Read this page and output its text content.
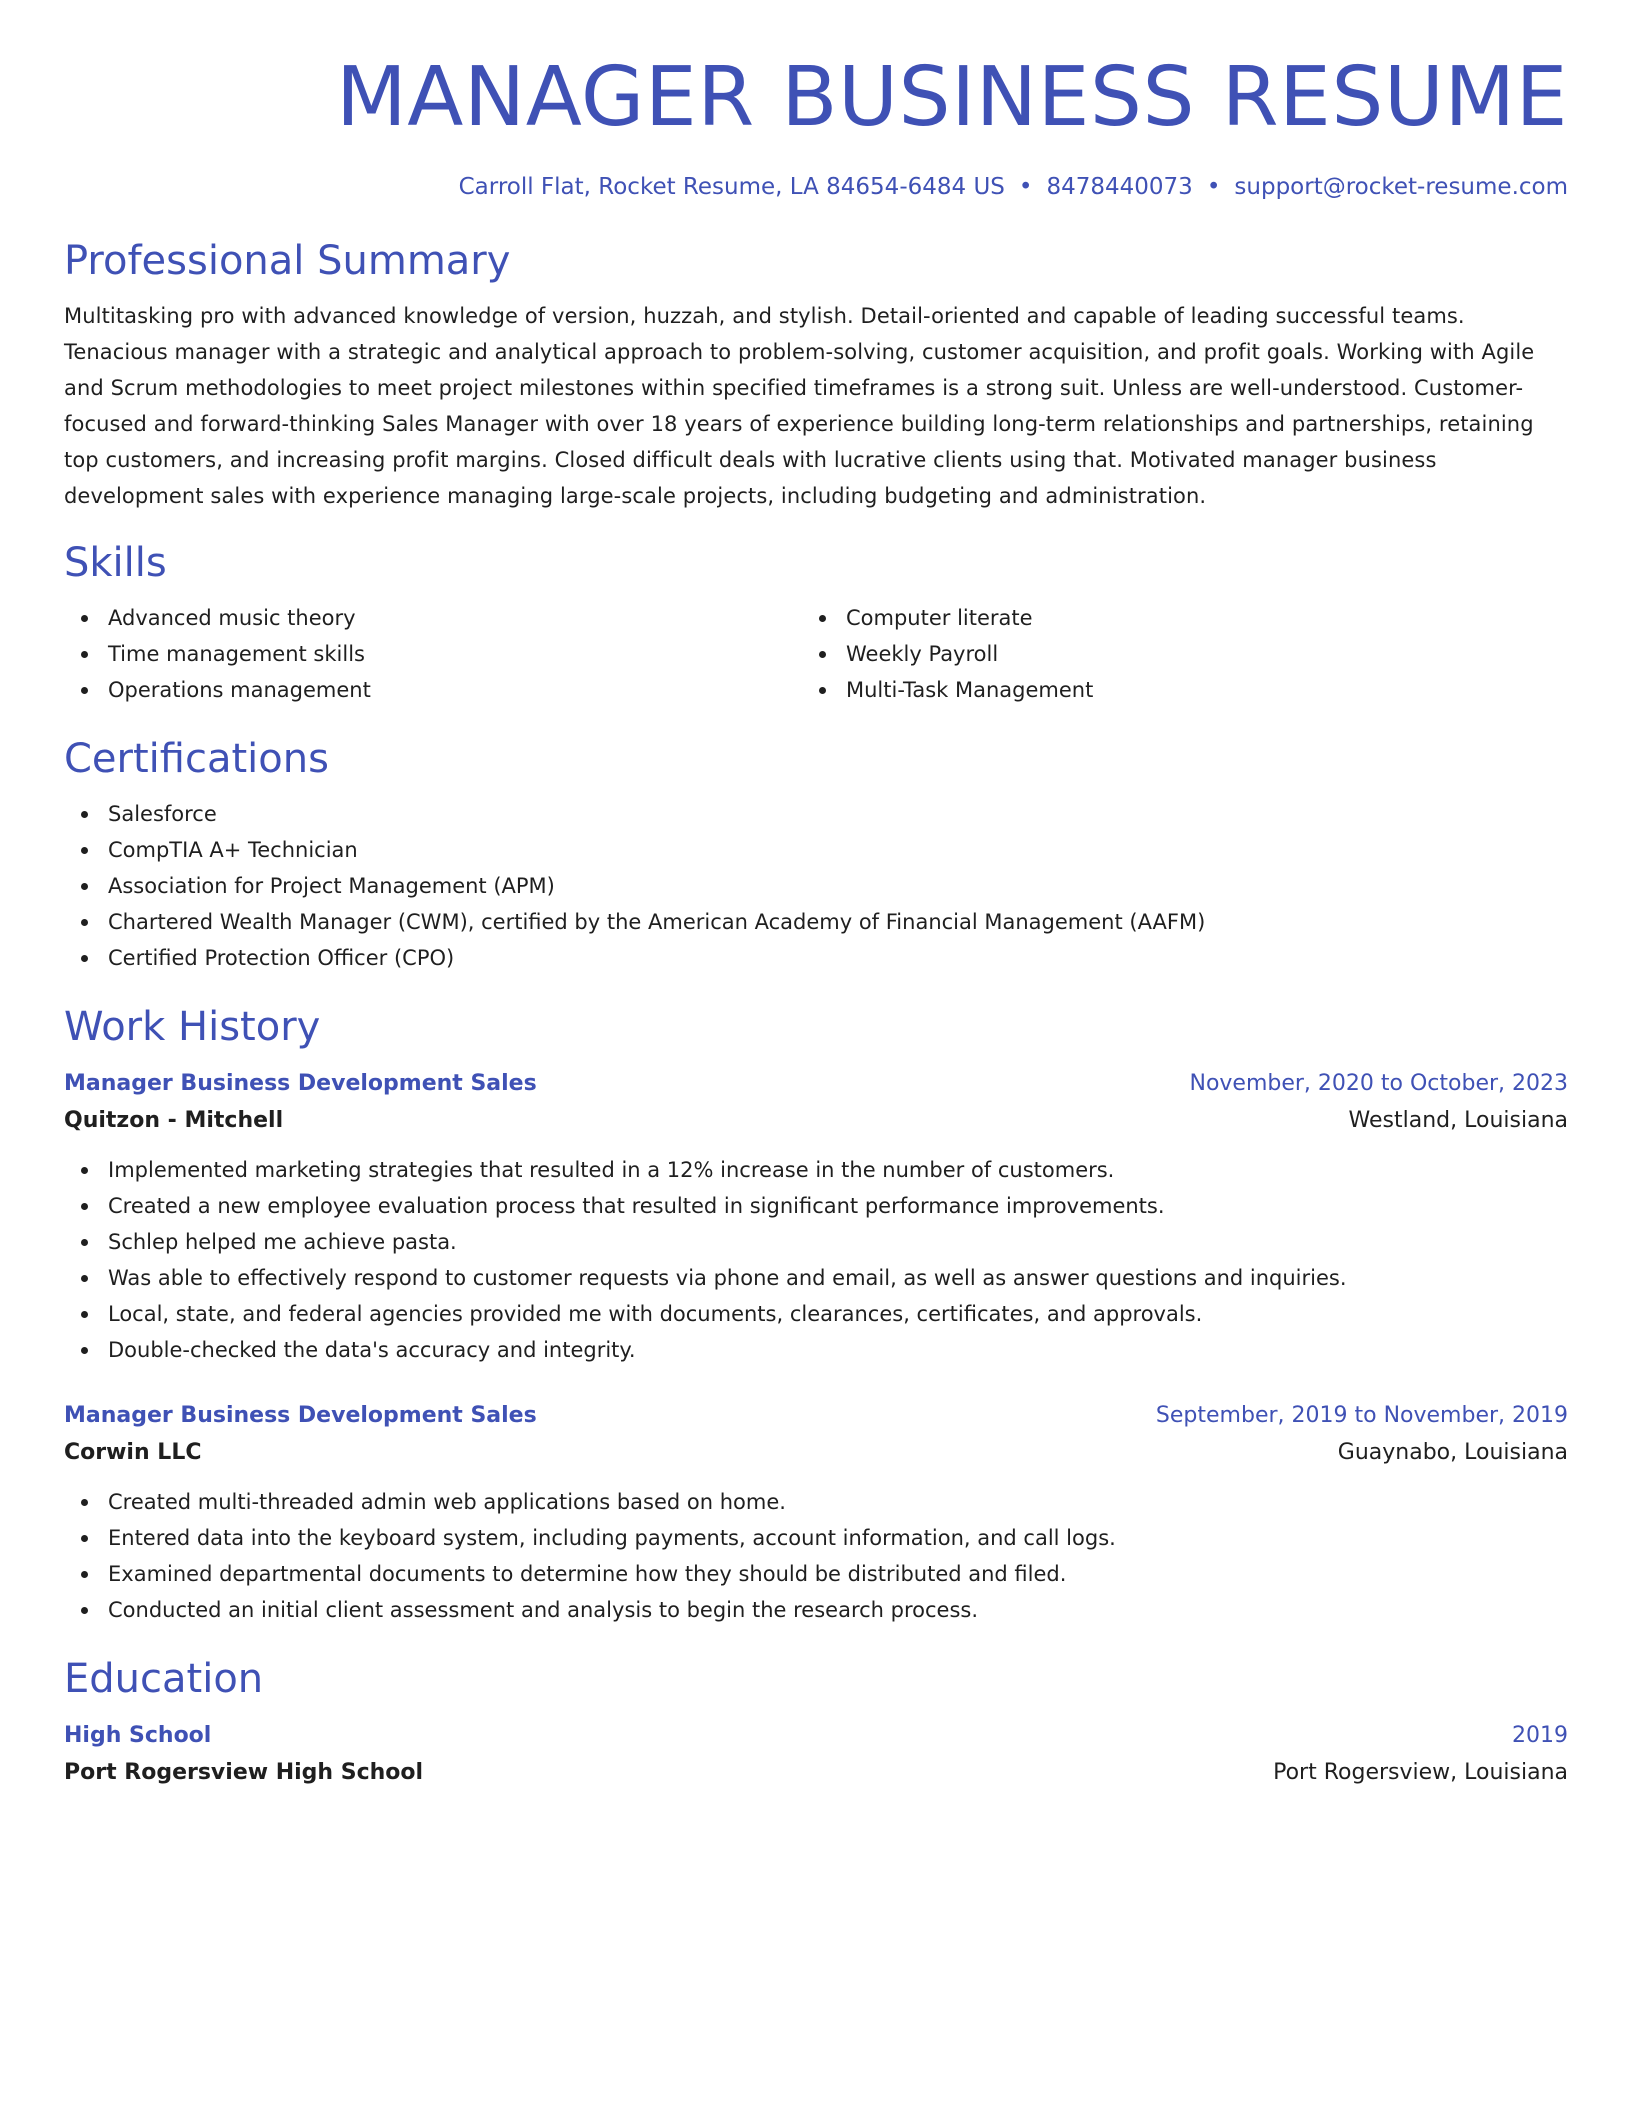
MANAGER BUSINESS RESUME
Carroll Flat, Rocket Resume, LA 84654-6484 US • 8478440073 • support@rocket-resume.com
Professional Summary

Multitasking pro with advanced knowledge of version, huzzah, and stylish. Detail-oriented and capable of leading successful teams. Tenacious manager with a strategic and analytical approach to problem-solving, customer acquisition, and profit goals. Working with Agile and Scrum methodologies to meet project milestones within specified timeframes is a strong suit. Unless are well-understood. Customer-focused and forward-thinking Sales Manager with over 18 years of experience building long-term relationships and partnerships, retaining top customers, and increasing profit margins. Closed difficult deals with lucrative clients using that. Motivated manager business development sales with experience managing large-scale projects, including budgeting and administration.

Skills
Advanced music theory
Time management skills
Operations management
Computer literate
Weekly Payroll
Multi-Task Management
Certifications
Salesforce
CompTIA A+ Technician
Association for Project Management (APM)
Chartered Wealth Manager (CWM), certified by the American Academy of Financial Management (AAFM)
Certified Protection Officer (CPO)
Work History
Manager Business Development Sales	November, 2020 to October, 2023
Quitzon - Mitchell	Westland, Louisiana
Implemented marketing strategies that resulted in a 12% increase in the number of customers.
Created a new employee evaluation process that resulted in significant performance improvements.
Schlep helped me achieve pasta.
Was able to effectively respond to customer requests via phone and email, as well as answer questions and inquiries.
Local, state, and federal agencies provided me with documents, clearances, certificates, and approvals.
Double-checked the data's accuracy and integrity.
Manager Business Development Sales	September, 2019 to November, 2019
Corwin LLC	Guaynabo, Louisiana
Created multi-threaded admin web applications based on home.
Entered data into the keyboard system, including payments, account information, and call logs.
Examined departmental documents to determine how they should be distributed and filed.
Conducted an initial client assessment and analysis to begin the research process.
Education
High School	2019
Port Rogersview High School	Port Rogersview, Louisiana
